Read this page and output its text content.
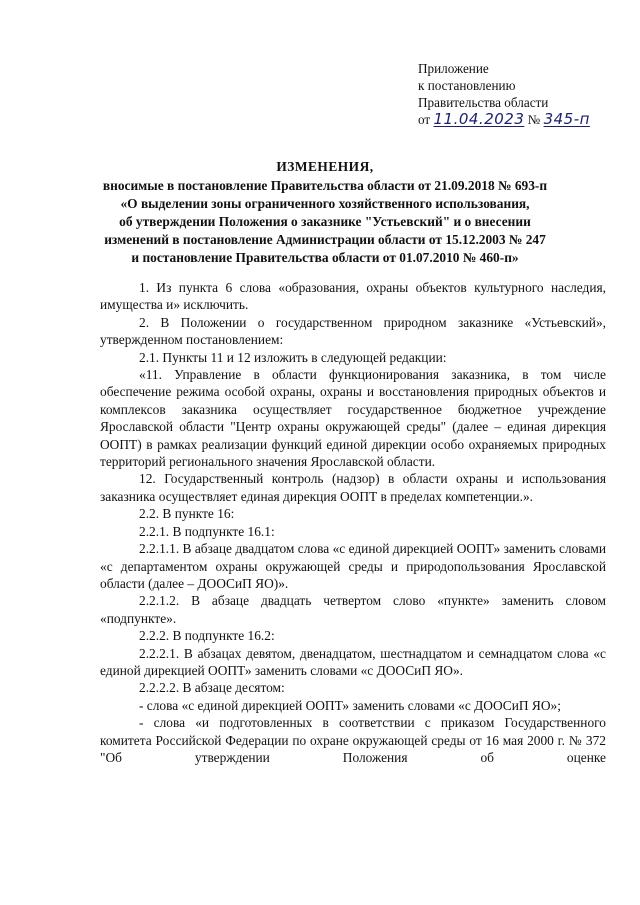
Приложение
к постановлению
Правительства области
от 11.04.2023 № 345-п
ИЗМЕНЕНИЯ,
вносимые в постановление Правительства области от 21.09.2018 № 693-п
«О выделении зоны ограниченного хозяйственного использования,
об утверждении Положения о заказнике "Устьевский" и о внесении
изменений в постановление Администрации области от 15.12.2003 № 247
и постановление Правительства области от 01.07.2010 № 460-п»

1. Из пункта 6 слова «образования, охраны объектов культурного наследия, имущества и» исключить.

2. В Положении о государственном природном заказнике «Устьевский», утвержденном постановлением:

2.1. Пункты 11 и 12 изложить в следующей редакции:

«11. Управление в области функционирования заказника, в том числе обеспечение режима особой охраны, охраны и восстановления природных объектов и комплексов заказника осуществляет государственное бюджетное учреждение Ярославской области "Центр охраны окружающей среды" (далее – единая дирекция ООПТ) в рамках реализации функций единой дирекции особо охраняемых природных территорий регионального значения Ярославской области.

12. Государственный контроль (надзор) в области охраны и использования заказника осуществляет единая дирекция ООПТ в пределах компетенции.».

2.2. В пункте 16:

2.2.1. В подпункте 16.1:

2.2.1.1. В абзаце двадцатом слова «с единой дирекцией ООПТ» заменить словами «с департаментом охраны окружающей среды и природопользования Ярославской области (далее – ДООСиП ЯО)».

2.2.1.2. В абзаце двадцать четвертом слово «пункте» заменить словом «подпункте».

2.2.2. В подпункте 16.2:

2.2.2.1. В абзацах девятом, двенадцатом, шестнадцатом и семнадцатом слова «с единой дирекцией ООПТ» заменить словами «с ДООСиП ЯО».

2.2.2.2. В абзаце десятом:

- слова «с единой дирекцией ООПТ» заменить словами «с ДООСиП ЯО»;

- слова «и подготовленных в соответствии с приказом Государственного комитета Российской Федерации по охране окружающей среды от 16 мая 2000 г. № 372 "Об утверждении Положения об оценке
